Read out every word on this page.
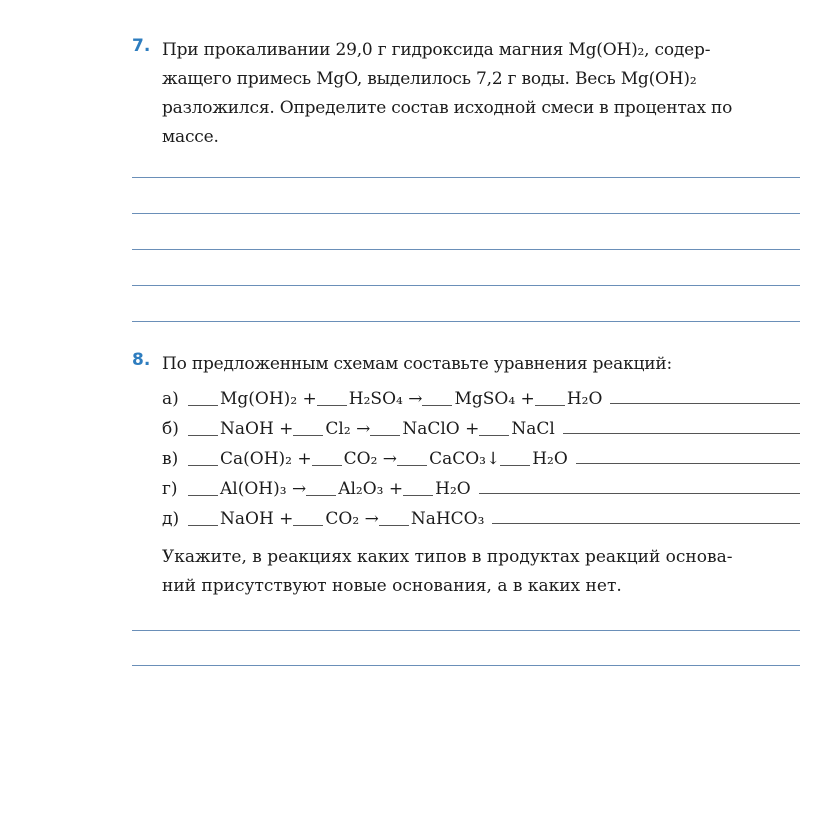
7. При прокаливании 29,0 г гидроксида магния Mg(OH)₂, содер-

жащего примесь MgO, выделилось 7,2 г воды. Весь Mg(OH)₂

разложился. Определите состав исходной смеси в процентах по

массе.

8. По предложенным схемам составьте уравнения реакций:

а)	Mg(OH)₂ + H₂SO₄ → MgSO₄ + H₂O
б)	NaOH + Cl₂ → NaClO + NaCl
в)	Ca(OH)₂ + CO₂ → CaCO₃↓ H₂O
г)	Al(OH)₃ → Al₂O₃ + H₂O
д)	NaOH + CO₂ → NaHCO₃

Укажите, в реакциях каких типов в продуктах реакций основа-

ний присутствуют новые основания, а в каких нет.
